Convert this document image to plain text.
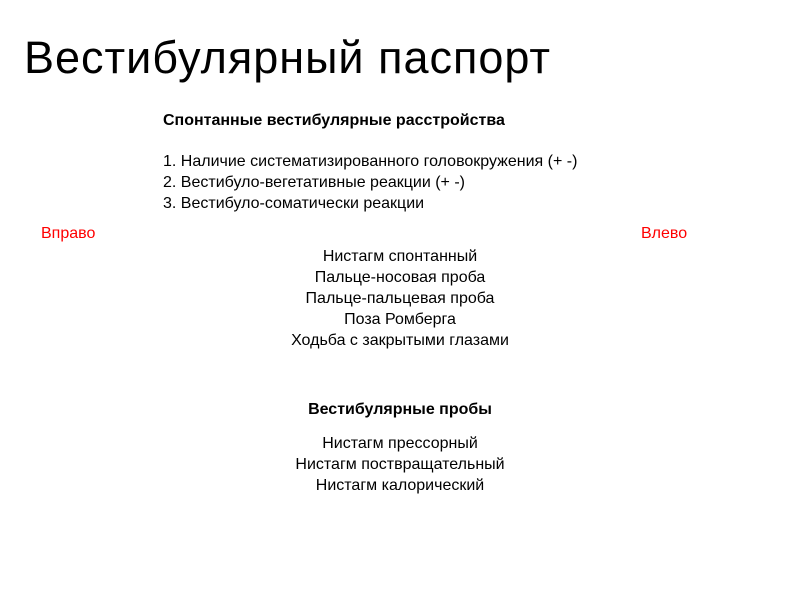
Вестибулярный паспорт
Спонтанные вестибулярные расстройства
1. Наличие систематизированного головокружения (+ -)
2. Вестибуло-вегетативные реакции (+ -)
3. Вестибуло-соматически реакции
Вправо	Влево
Нистагм спонтанный
Пальце-носовая проба
Пальце-пальцевая проба
Поза Ромберга
Ходьба с закрытыми глазами
Вестибулярные пробы
Нистагм прессорный
Нистагм поствращательный
Нистагм калорический
